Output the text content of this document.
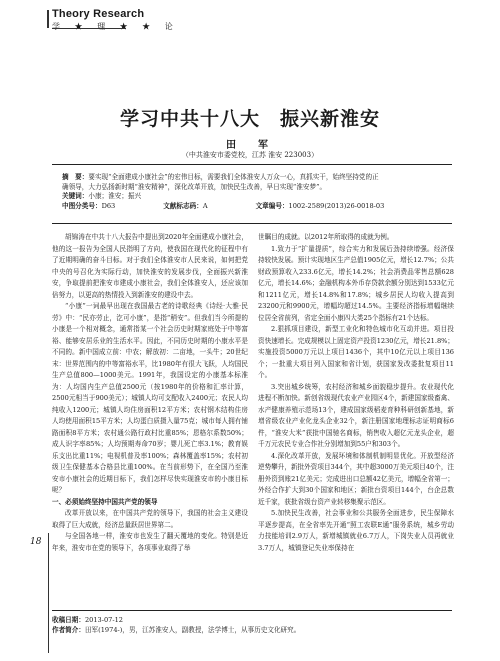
Theory Research
学 ★ 理 ★ ★ 论
学习中共十八大　振兴新淮安
田　军
（中共淮安市委党校，江苏 淮安 223003）
摘　要：要实现“全面建成小康社会”的宏伟目标，需要我们全体淮安人万众一心，真抓实干，始终坚持党的正
确领导，大力弘扬新时期“淮安精神”，深化改革开放，加快民生改善，早日实现“淮安梦”。
关键词：小康；淮安；振兴
中图分类号：D63	文献标志码：A	文章编号：1002-2589(2013)26-0018-03

胡锦涛在中共十八大报告中提出到2020年全面建成小康社会，他的这一报告为全国人民指明了方向，使我国在现代化的征程中有了近期明确的奋斗目标。对于我们全体淮安市人民来说，如何把党中央的号召化为实际行动，加快淮安的发展步伐，全面振兴新淮安，争取提前把淮安市建成小康社会，我们全体淮安人，还应该加倍努力，以更高的热情投入到新淮安的建设中去。

“小康”一词最早出现在我国最古老的诗歌经典《诗经·大雅·民劳》中：“民亦劳止，汔可小康”，是指“稍安”。但我们当今所提的小康是一个相对概念，通常指某一个社会历史时期家庭处于中等富裕、能够安居乐业的生活水平。因此，不同历史时期的小康水平是不同的。新中国成立前：中农；解放初：二亩地，一头牛；20世纪末：世界范围内的中等富裕水平，比1980年有很大飞跃，人均国民生产总值800—1000美元。1991年，我国设定的小康基本标准为：人均国内生产总值2500元（按1980年的价格和汇率计算，2500元相当于900美元）；城镇人均可支配收入2400元；农民人均纯收入1200元；城镇人均住房面积12平方米；农村钢木结构住房人均使用面积15平方米；人均蛋白质摄入量75克；城市每人拥有铺路面积8平方米；农村通公路行政村比重85%；恩格尔系数50%；成人识字率85%；人均预期寿命70岁；婴儿死亡率3.1%；教育娱乐支出比重11%；电视机普及率100%；森林覆盖率15%；农村初级卫生保健基本合格县比重100%。在当前形势下，在全国乃至淮安市小康社会的近期目标下，我们怎样尽快实现淮安市的小康目标呢？

一、必须始终坚持中国共产党的领导

改革开放以来，在中国共产党的领导下，我国的社会主义建设取得了巨大成就，经济总量跃居世界第二。

与全国各地一样，淮安市也发生了翻天覆地的变化。特别是近年来，淮安市在党的领导下，各项事业取得了举

世瞩目的成就。以2012年所取得的成就为例。

1.致力于“扩量提质”，综合实力和发展后劲持续增强。经济保持较快发展。预计实现地区生产总值1905亿元，增长12.7%；公共财政预算收入233.6亿元，增长14.2%；社会消费品零售总额628亿元，增长14.6%；金融机构本外币存贷款余额分别达到1533亿元和1211亿元，增长14.8%和17.8%；城乡居民人均收入提高到23200元和9900元，增幅均超过14.5%。主要经济指标增幅继续位居全省前列，省定全面小康四大类25个指标有21个达标。

2.狠抓项目建设，新型工业化和特色城市化互动并进。项目投资快速增长。完成规模以上固定资产投资1230亿元，增长21.8%；实施投资5000万元以上项目1436个，其中10亿元以上项目136个；一批重大项目列入国家和省计划，获国家发改委批复项目11个。

3.突出城乡统筹，农村经济和城乡面貌稳步提升。农业现代化进程不断加快。新创省级现代农业产业园区4个，新建国家级畜禽、水产健康养殖示范场13个，建成国家级稻麦育种科研创新基地，新增省级农业产业化龙头企业32个，新注册国家地理标志证明商标6件，“淮安大米”获批中国驰名商标，销售收入超亿元龙头企业，超千万元农民专业合作社分别增加到55户和303个。

4.深化改革开放，发展环境和体制机制明显优化。开放型经济逆势攀升，新批外资项目344个，其中超3000万美元项目40个，注册外资到账21亿美元；完成进出口总额42亿美元，增幅全省第一；外经合作扩大到30个国家和地区；新批台资项目144个，台企总数近千家，获批省级台资产业转移集聚示范区。

5.加快民生改善，社会事业和公共服务全面进步，民生保障水平逐步提高，在全省率先开通“照工农联E通”服务系统，城乡劳动力技能培训2.9万人，新增城镇就业6.7万人，下岗失业人员再就业3.7万人，城镇登记失业率保持在

18
收稿日期：2013-07-12
作者简介：田军(1974-)，男，江苏淮安人，副教授，法学博士，从事历史文化研究。
